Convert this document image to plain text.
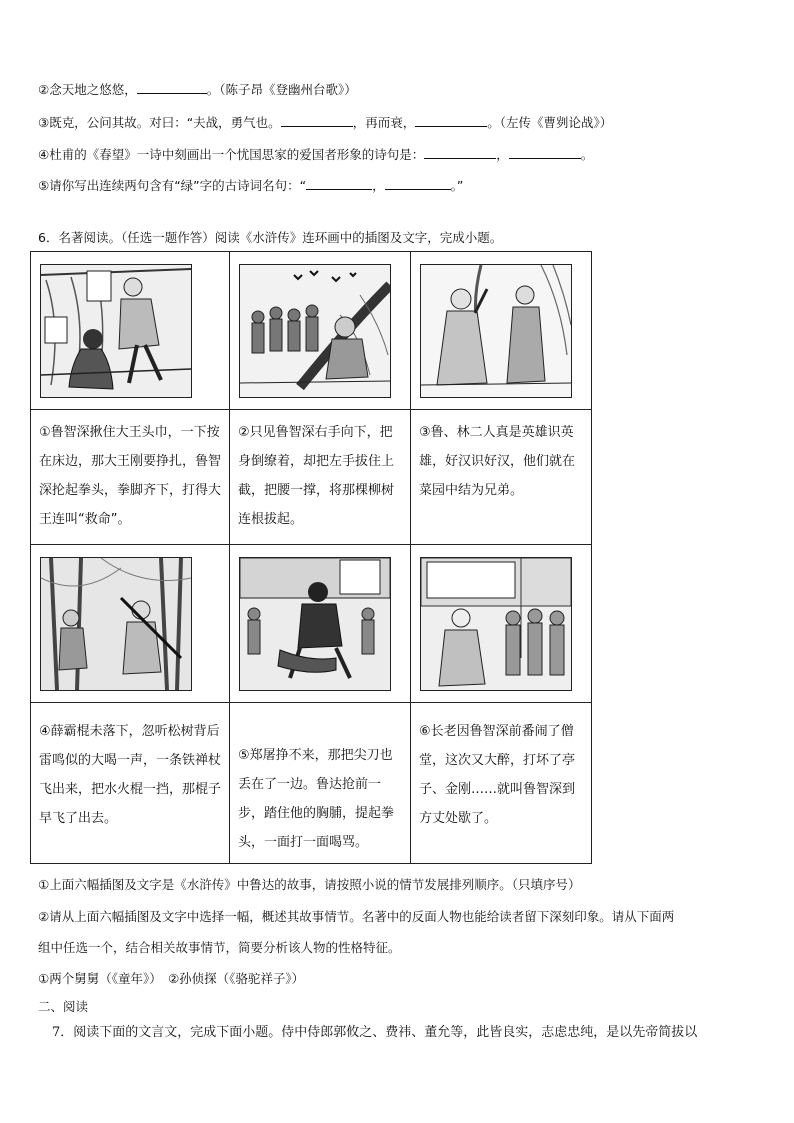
②念天地之悠悠，	。（陈子昂《登幽州台歌》）
③既克，公问其故。对曰：“夫战，勇气也。	，再而衰，	。（左传《曹刿论战》）
④杜甫的《春望》一诗中刻画出一个忧国思家的爱国者形象的诗句是：	，	。
⑤请你写出连续两句含有“绿”字的古诗词名句：“	，	。”
6．名著阅读。（任选一题作答）阅读《水浒传》连环画中的插图及文字，完成小题。

①鲁智深揪住大王头巾，一下按在床边，那大王刚要挣扎，鲁智深抡起拳头，拳脚齐下，打得大王连叫“救命”。	②只见鲁智深右手向下，把身倒缭着，却把左手拔住上截，把腰一撑，将那棵柳树连根拔起。	③鲁、林二人真是英雄识英雄，好汉识好汉，他们就在菜园中结为兄弟。

④薛霸棍未落下，忽听松树背后雷鸣似的大喝一声，一条铁禅杖飞出来，把水火棍一挡，那棍子早飞了出去。	⑤郑屠挣不来，那把尖刀也丢在了一边。鲁达抢前一步，踏住他的胸脯，提起拳头，一面打一面喝骂。	⑥长老因鲁智深前番闹了僧堂，这次又大醉，打坏了亭子、金刚……就叫鲁智深到方丈处歇了。
①上面六幅插图及文字是《水浒传》中鲁达的故事，请按照小说的情节发展排列顺序。（只填序号）
②请从上面六幅插图及文字中选择一幅，概述其故事情节。名著中的反面人物也能给读者留下深刻印象。请从下面两
组中任选一个，结合相关故事情节，简要分析该人物的性格特征。
①两个舅舅（《童年》）　②孙侦探（《骆驼祥子》）
二、阅读
7．阅读下面的文言文，完成下面小题。侍中侍郎郭攸之、费祎、董允等，此皆良实，志虑忠纯，是以先帝简拔以
